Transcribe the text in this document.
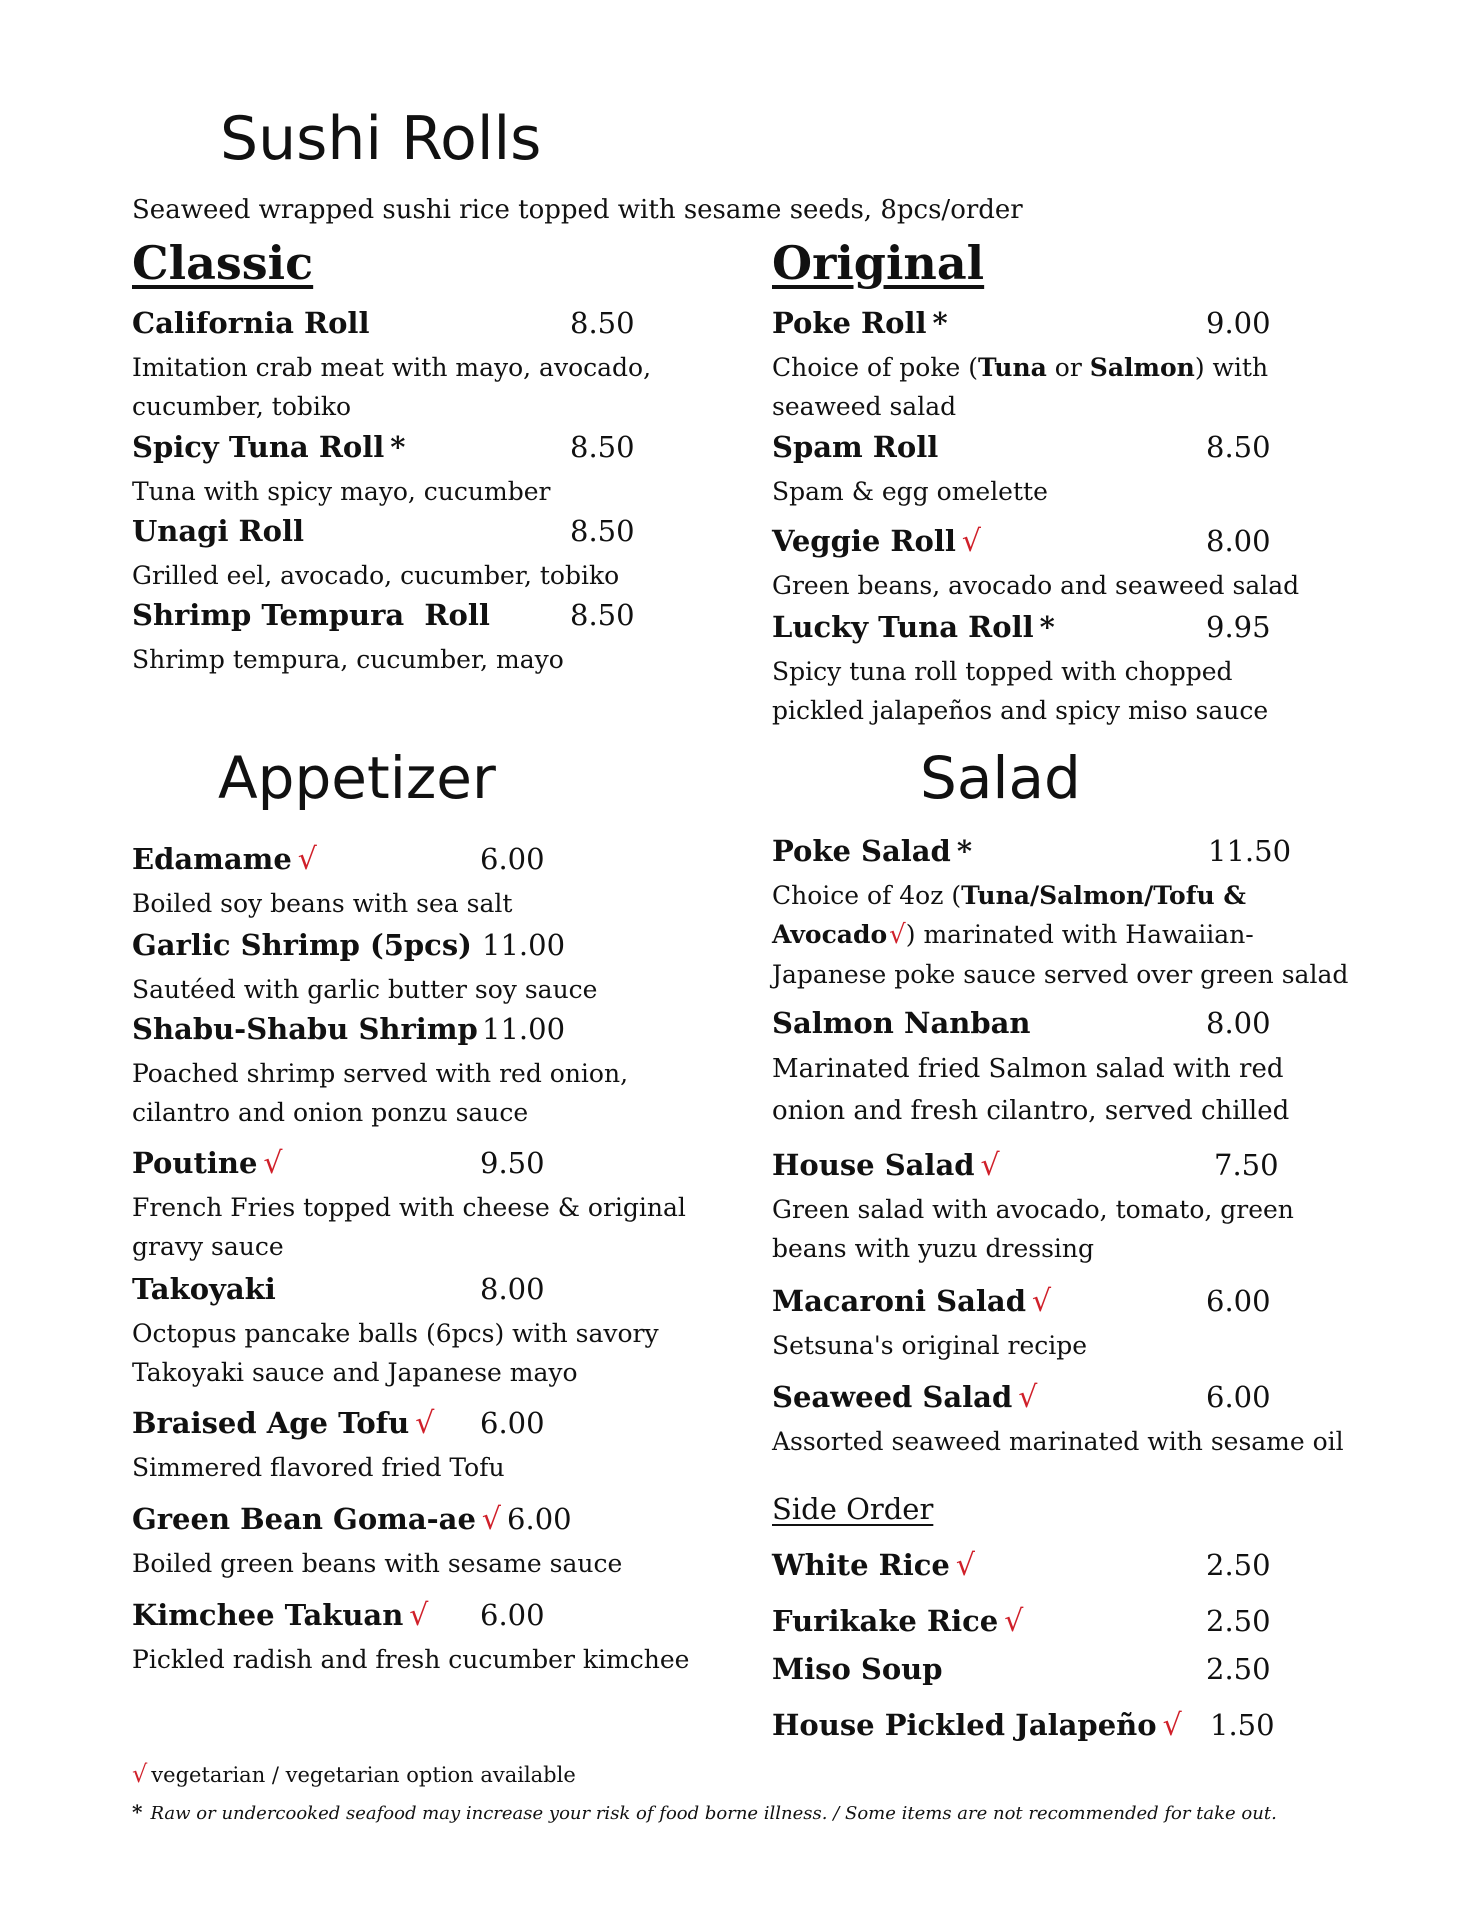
Sushi Rolls
Seaweed wrapped sushi rice topped with sesame seeds, 8pcs/order
Classic
California Roll	8.50
Imitation crab meat with mayo, avocado, cucumber, tobiko
Spicy Tuna Roll *	8.50
Tuna with spicy mayo, cucumber
Unagi Roll	8.50
Grilled eel, avocado, cucumber, tobiko
Shrimp Tempura  Roll	8.50
Shrimp tempura, cucumber, mayo
Original
Poke Roll *	9.00
Choice of poke (Tuna or Salmon) with seaweed salad
Spam Roll	8.50
Spam & egg omelette
Veggie Roll √	8.00
Green beans, avocado and seaweed salad
Lucky Tuna Roll *	9.95
Spicy tuna roll topped with chopped pickled jalapeños and spicy miso sauce
Appetizer
Edamame √	6.00
Boiled soy beans with sea salt
Garlic Shrimp (5pcs) 11.00
Sautéed with garlic butter soy sauce
Shabu-Shabu Shrimp 11.00
Poached shrimp served with red onion, cilantro and onion ponzu sauce
Poutine √	9.50
French Fries topped with cheese & original gravy sauce
Takoyaki	8.00
Octopus pancake balls (6pcs) with savory Takoyaki sauce and Japanese mayo
Braised Age Tofu √ 6.00
Simmered flavored fried Tofu
Green Bean Goma-ae √ 6.00
Boiled green beans with sesame sauce
Kimchee Takuan √ 6.00
Pickled radish and fresh cucumber kimchee
Salad
Poke Salad *	11.50
Choice of 4oz (Tuna/Salmon/Tofu & Avocado√) marinated with Hawaiian-Japanese poke sauce served over green salad
Salmon Nanban	8.00
Marinated fried Salmon salad with red onion and fresh cilantro, served chilled
House Salad √	7.50
Green salad with avocado, tomato, green beans with yuzu dressing
Macaroni Salad √	6.00
Setsuna's original recipe
Seaweed Salad √	6.00
Assorted seaweed marinated with sesame oil
Side Order
White Rice √	2.50
Furikake Rice √	2.50
Miso Soup	2.50
House Pickled Jalapeño √ 1.50
√ vegetarian / vegetarian option available
* Raw or undercooked seafood may increase your risk of food borne illness. / Some items are not recommended for take out.
